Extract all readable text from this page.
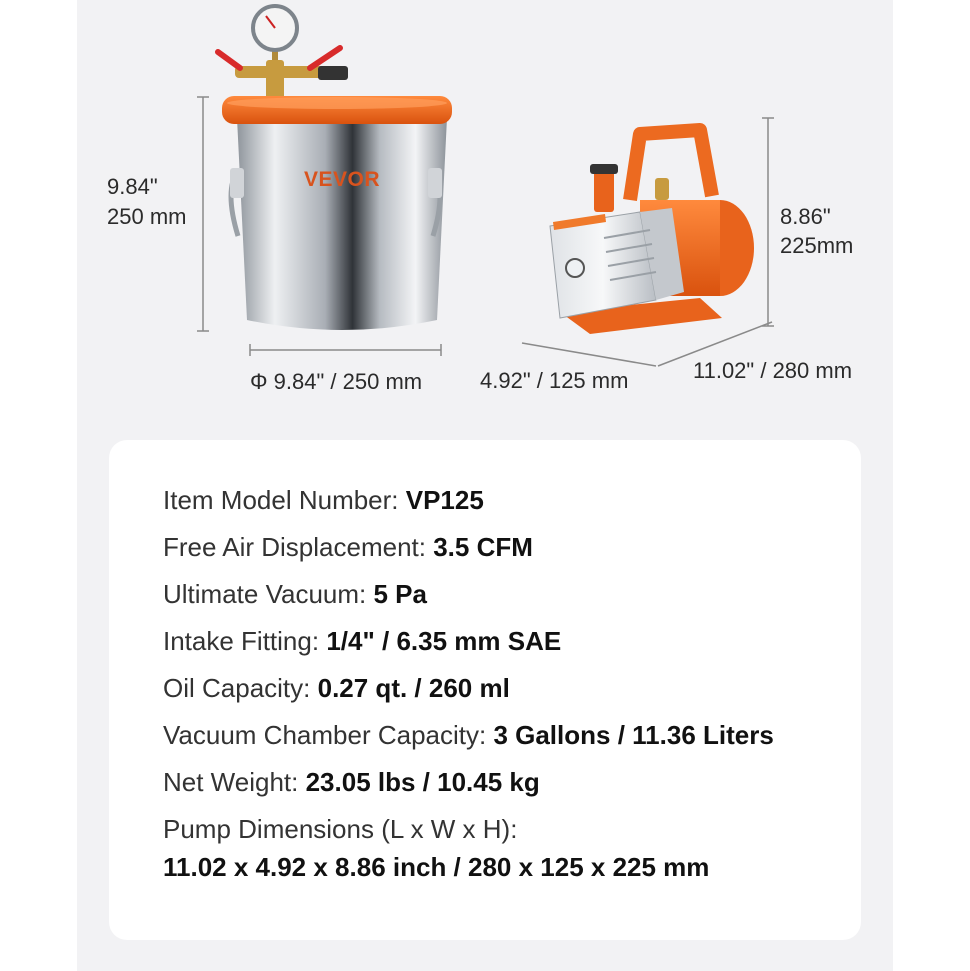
9.84"
250 mm
Φ 9.84" / 250 mm
VEVOR
8.86"
225mm
4.92" / 125 mm	11.02" / 280 mm
Item Model Number: VP125
Free Air Displacement: 3.5 CFM
Ultimate Vacuum: 5 Pa
Intake Fitting: 1/4" / 6.35 mm SAE
Oil Capacity: 0.27 qt. / 260 ml
Vacuum Chamber Capacity: 3 Gallons / 11.36 Liters
Net Weight: 23.05 lbs / 10.45 kg
Pump Dimensions (L x W x H):
11.02 x 4.92 x 8.86 inch / 280 x 125 x 225 mm
